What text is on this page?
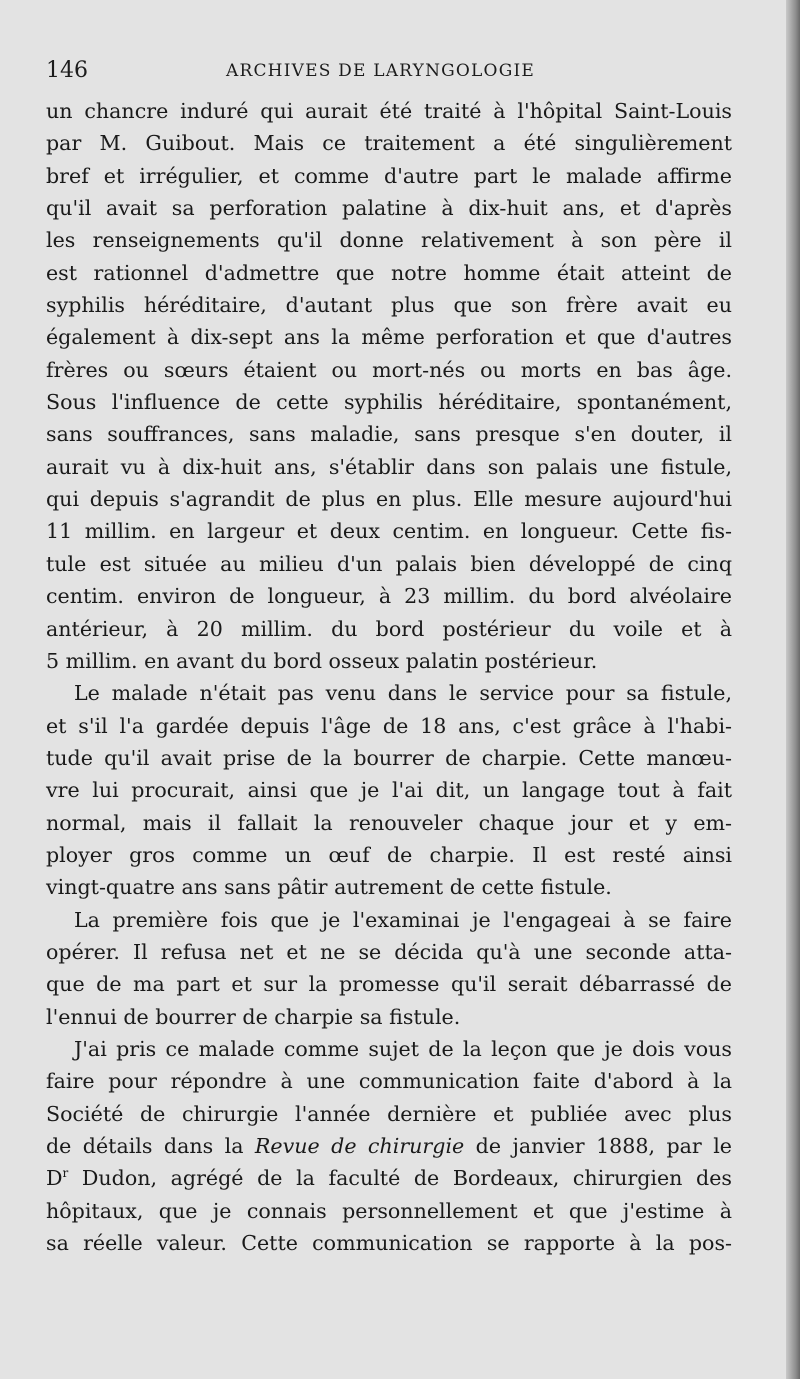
146	ARCHIVES DE LARYNGOLOGIE
un chancre induré qui aurait été traité à l'hôpital Saint-Louis
par M. Guibout. Mais ce traitement a été singulièrement
bref et irrégulier, et comme d'autre part le malade affirme
qu'il avait sa perforation palatine à dix-huit ans, et d'après
les renseignements qu'il donne relativement à son père il
est rationnel d'admettre que notre homme était atteint de
syphilis héréditaire, d'autant plus que son frère avait eu
également à dix-sept ans la même perforation et que d'autres
frères ou sœurs étaient ou mort-nés ou morts en bas âge.
Sous l'influence de cette syphilis héréditaire, spontanément,
sans souffrances, sans maladie, sans presque s'en douter, il
aurait vu à dix-huit ans, s'établir dans son palais une fistule,
qui depuis s'agrandit de plus en plus. Elle mesure aujourd'hui
11 millim. en largeur et deux centim. en longueur. Cette fis-
tule est située au milieu d'un palais bien développé de cinq
centim. environ de longueur, à 23 millim. du bord alvéolaire
antérieur, à 20 millim. du bord postérieur du voile et à
5 millim. en avant du bord osseux palatin postérieur.
Le malade n'était pas venu dans le service pour sa fistule,
et s'il l'a gardée depuis l'âge de 18 ans, c'est grâce à l'habi-
tude qu'il avait prise de la bourrer de charpie. Cette manœu-
vre lui procurait, ainsi que je l'ai dit, un langage tout à fait
normal, mais il fallait la renouveler chaque jour et y em-
ployer gros comme un œuf de charpie. Il est resté ainsi
vingt-quatre ans sans pâtir autrement de cette fistule.
La première fois que je l'examinai je l'engageai à se faire
opérer. Il refusa net et ne se décida qu'à une seconde atta-
que de ma part et sur la promesse qu'il serait débarrassé de
l'ennui de bourrer de charpie sa fistule.
J'ai pris ce malade comme sujet de la leçon que je dois vous
faire pour répondre à une communication faite d'abord à la
Société de chirurgie l'année dernière et publiée avec plus
de détails dans la Revue de chirurgie de janvier 1888, par le
$D^r$ Dudon, agrégé de la faculté de Bordeaux, chirurgien des
hôpitaux, que je connais personnellement et que j'estime à
sa réelle valeur. Cette communication se rapporte à la pos-
